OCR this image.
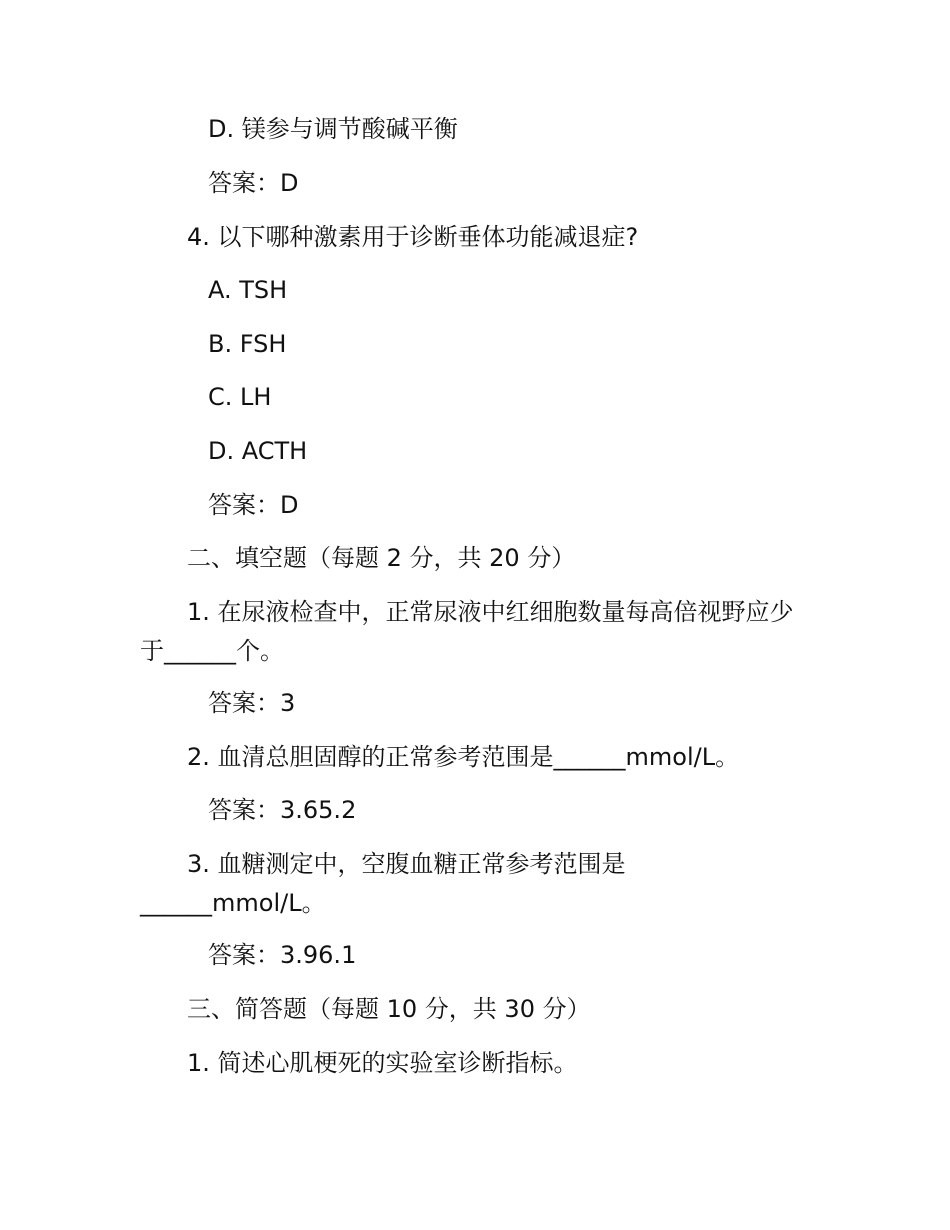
D. 镁参与调节酸碱平衡
答案：D
4. 以下哪种激素用于诊断垂体功能减退症?
A. TSH
B. FSH
C. LH
D. ACTH
答案：D
二、填空题（每题 2 分，共 20 分）
1. 在尿液检查中，正常尿液中红细胞数量每高倍视野应少
于______个。
答案：3
2. 血清总胆固醇的正常参考范围是______mmol/L。
答案：3.65.2
3. 血糖测定中，空腹血糖正常参考范围是
______mmol/L。
答案：3.96.1
三、简答题（每题 10 分，共 30 分）
1. 简述心肌梗死的实验室诊断指标。
